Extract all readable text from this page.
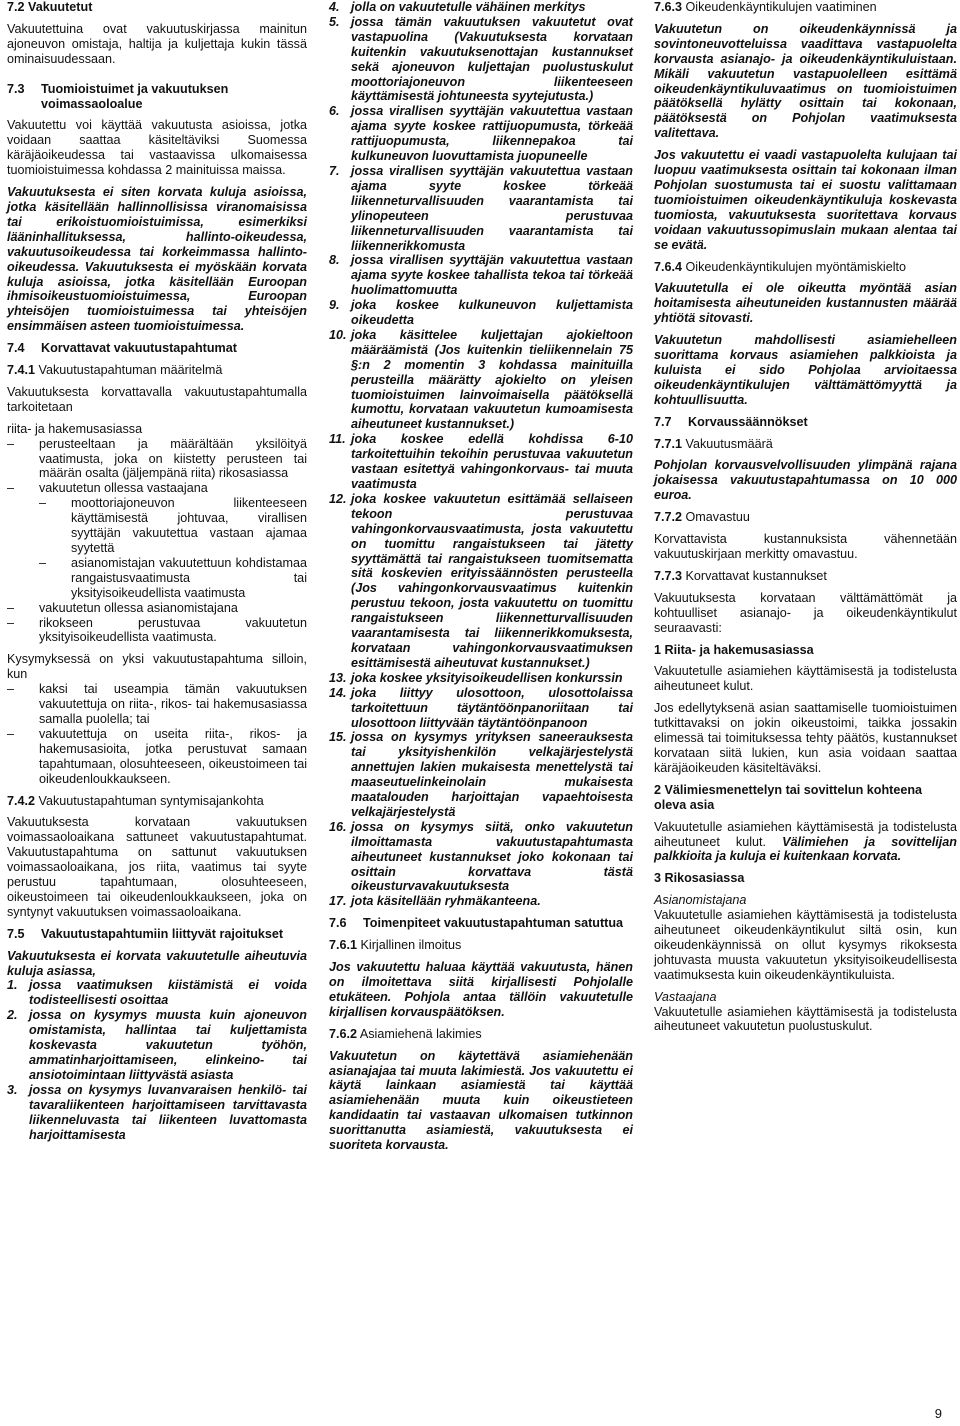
7.2 Vakuutetut

Vakuutettuina ovat vakuutuskirjassa mainitun ajoneuvon omistaja, haltija ja kuljettaja kukin tässä ominaisuudessaan.

7.3	Tuomioistuimet ja vakuutuksen voimassaoloalue

Vakuutettu voi käyttää vakuutusta asioissa, jotka voidaan saattaa käsiteltäviksi Suomessa käräjäoikeudessa tai vastaavissa ulkomaisessa tuomioistuimessa kohdassa 2 mainituissa maissa.

Vakuutuksesta ei siten korvata kuluja asioissa, jotka käsitellään hallinnollisissa viranomaisissa tai erikoistuomioistuimissa, esimerkiksi lääninhallituksessa, hallinto-oikeudessa, vakuutusoikeudessa tai korkeimmassa hallinto-oikeudessa. Vakuutuksesta ei myöskään korvata kuluja asioissa, jotka käsitellään Euroopan ihmisoikeustuomioistuimessa, Euroopan yhteisöjen tuomioistuimessa tai yhteisöjen ensimmäisen asteen tuomioistuimessa.

7.4	Korvattavat vakuutustapahtumat
7.4.1 Vakuutustapahtuman määritelmä

Vakuutuksesta korvattavalla vakuutustapahtumalla tarkoitetaan

riita- ja hakemusasiassa

–	perusteeltaan ja määrältään yksilöityä vaatimusta, joka on kiistetty perusteen tai määrän osalta (jäljempänä riita) rikosasiassa
–	vakuutetun ollessa vastaajana
–	moottoriajoneuvon liikenteeseen käyttämisestä johtuvaa, virallisen syyttäjän vakuutettua vastaan ajamaa syytettä
–	asianomistajan vakuutettuun kohdistamaa rangaistusvaatimusta tai yksityisoikeudellista vaatimusta
–	vakuutetun ollessa asianomistajana
–	rikokseen perustuvaa vakuutetun yksityisoikeudellista vaatimusta.

Kysymyksessä on yksi vakuutustapahtuma silloin, kun

–	kaksi tai useampia tämän vakuutuksen vakuutettuja on riita-, rikos- tai hakemusasiassa samalla puolella; tai
–	vakuutettuja on useita riita-, rikos- ja hakemusasioita, jotka perustuvat samaan tapahtumaan, olosuhteeseen, oikeustoimeen tai oikeudenloukkaukseen.
7.4.2 Vakuutustapahtuman syntymisajankohta

Vakuutuksesta korvataan vakuutuksen voimassaoloaikana sattuneet vakuutustapahtumat. Vakuutustapahtuma on sattunut vakuutuksen voimassaoloaikana, jos riita, vaatimus tai syyte perustuu tapahtumaan, olosuhteeseen, oikeustoimeen tai oikeudenloukkaukseen, joka on syntynyt vakuutuksen voimassaoloaikana.

7.5	Vakuutustapahtumiin liittyvät rajoitukset

Vakuutuksesta ei korvata vakuutetulle aiheutuvia kuluja asiassa,

1. jossa vaatimuksen kiistämistä ei voida todisteellisesti osoittaa
2. jossa on kysymys muusta kuin ajoneuvon omistamista, hallintaa tai kuljettamista koskevasta vakuutetun työhön, ammatinharjoittamiseen, elinkeino- tai ansiotoimintaan liittyvästä asiasta
3. jossa on kysymys luvanvaraisen henkilö- tai tavaraliikenteen harjoittamiseen tarvittavasta liikenneluvasta tai liikenteen luvattomasta harjoittamisesta
4. jolla on vakuutetulle vähäinen merkitys
5. jossa tämän vakuutuksen vakuutetut ovat vastapuolina (Vakuutuksesta korvataan kuitenkin vakuutuksenottajan kustannukset sekä ajoneuvon kuljettajan puolustuskulut moottoriajoneuvon liikenteeseen käyttämisestä johtuneesta syytejutusta.)
6. jossa virallisen syyttäjän vakuutettua vastaan ajama syyte koskee rattijuopumusta, törkeää rattijuopumusta, liikennepakoa tai kulkuneuvon luovuttamista juopuneelle
7. jossa virallisen syyttäjän vakuutettua vastaan ajama syyte koskee törkeää liikenneturvallisuuden vaarantamista tai ylinopeuteen perustuvaa liikenneturvallisuuden vaarantamista tai liikennerikkomusta
8. jossa virallisen syyttäjän vakuutettua vastaan ajama syyte koskee tahallista tekoa tai törkeää huolimattomuutta
9. joka koskee kulkuneuvon kuljettamista oikeudetta
10. joka käsittelee kuljettajan ajokieltoon määräämistä (Jos kuitenkin tieliikennelain 75 §:n 2 momentin 3 kohdassa mainituilla perusteilla määrätty ajokielto on yleisen tuomioistuimen lainvoimaisella päätöksellä kumottu, korvataan vakuutetun kumoamisesta aiheutuneet kustannukset.)
11. joka koskee edellä kohdissa 6-10 tarkoitettuihin tekoihin perustuvaa vakuutetun vastaan esitettyä vahingonkorvaus- tai muuta vaatimusta
12. joka koskee vakuutetun esittämää sellaiseen tekoon perustuvaa vahingonkorvausvaatimusta, josta vakuutettu on tuomittu rangaistukseen tai jätetty syyttämättä tai rangaistukseen tuomitsematta sitä koskevien erityissäännösten perusteella (Jos vahingonkorvausvaatimus kuitenkin perustuu tekoon, josta vakuutettu on tuomittu rangaistukseen liikennetturvallisuuden vaarantamisesta tai liikennerikkomuksesta, korvataan vahingonkorvausvaatimuksen esittämisestä aiheutuvat kustannukset.)
13. joka koskee yksityisoikeudellisen konkurssin
14. joka liittyy ulosottoon, ulosottolaissa tarkoitettuun täytäntöönpanoriitaan tai ulosottoon liittyvään täytäntöönpanoon
15. jossa on kysymys yrityksen saneerauksesta tai yksityishenkilön velkajärjestelystä annettujen lakien mukaisesta menettelystä tai maaseutuelinkeinolain mukaisesta maatalouden harjoittajan vapaehtoisesta velkajärjestelystä
16. jossa on kysymys siitä, onko vakuutetun ilmoittamasta vakuutustapahtumasta aiheutuneet kustannukset joko kokonaan tai osittain korvattava tästä oikeusturvavakuutuksesta
17. jota käsitellään ryhmäkanteena.
7.6	Toimenpiteet vakuutustapahtuman satuttua
7.6.1 Kirjallinen ilmoitus

Jos vakuutettu haluaa käyttää vakuutusta, hänen on ilmoitettava siitä kirjallisesti Pohjolalle etukäteen. Pohjola antaa tällöin vakuutetulle kirjallisen korvauspäätöksen.

7.6.2 Asiamiehenä lakimies

Vakuutetun on käytettävä asiamiehenään asianajajaa tai muuta lakimiestä. Jos vakuutettu ei käytä lainkaan asiamiestä tai käyttää asiamiehenään muuta kuin oikeustieteen kandidaatin tai vastaavan ulkomaisen tutkinnon suorittanutta asiamiestä, vakuutuksesta ei suoriteta korvausta.

7.6.3 Oikeudenkäyntikulujen vaatiminen

Vakuutetun on oikeudenkäynnissä ja sovintoneuvotteluissa vaadittava vastapuolelta korvausta asianajo- ja oikeudenkäyntikuluistaan. Mikäli vakuutetun vastapuolelleen esittämä oikeudenkäyntikuluvaatimus on tuomioistuimen päätöksellä hylätty osittain tai kokonaan, päätöksestä on Pohjolan vaatimuksesta valitettava.

Jos vakuutettu ei vaadi vastapuolelta kulujaan tai luopuu vaatimuksesta osittain tai kokonaan ilman Pohjolan suostumusta tai ei suostu valittamaan tuomioistuimen oikeudenkäyntikuluja koskevasta tuomiosta, vakuutuksesta suoritettava korvaus voidaan vakuutussopimuslain mukaan alentaa tai se evätä.

7.6.4 Oikeudenkäyntikulujen myöntämiskielto

Vakuutetulla ei ole oikeutta myöntää asian hoitamisesta aiheutuneiden kustannusten määrää yhtiötä sitovasti.

Vakuutetun mahdollisesti asiamiehelleen suorittama korvaus asiamiehen palkkioista ja kuluista ei sido Pohjolaa arvioitaessa oikeudenkäyntikulujen välttämättömyyttä ja kohtuullisuutta.

7.7	Korvaussäännökset
7.7.1 Vakuutusmäärä

Pohjolan korvausvelvollisuuden ylimpänä rajana jokaisessa vakuutustapahtumassa on 10 000 euroa.

7.7.2 Omavastuu

Korvattavista kustannuksista vähennetään vakuutuskirjaan merkitty omavastuu.

7.7.3 Korvattavat kustannukset

Vakuutuksesta korvataan välttämättömät ja kohtuulliset asianajo- ja oikeudenkäyntikulut seuraavasti:

1 Riita- ja hakemusasiassa

Vakuutetulle asiamiehen käyttämisestä ja todistelusta aiheutuneet kulut.

Jos edellytyksenä asian saattamiselle tuomioistuimen tutkittavaksi on jokin oikeustoimi, taikka jossakin elimessä tai toimituksessa tehty päätös, kustannukset korvataan siitä lukien, kun asia voidaan saattaa käräjäoikeuden käsiteltäväksi.

2 Välimiesmenettelyn tai sovittelun kohteena oleva asia

Vakuutetulle asiamiehen käyttämisestä ja todistelusta aiheutuneet kulut. Välimiehen ja sovittelijan palkkioita ja kuluja ei kuitenkaan korvata.

3 Rikosasiassa
Asianomistajana

Vakuutetulle asiamiehen käyttämisestä ja todistelusta aiheutuneet oikeudenkäyntikulut siltä osin, kun oikeudenkäynnissä on ollut kysymys rikoksesta johtuvasta muusta vakuutetun yksityisoikeudellisesta vaatimuksesta kuin oikeudenkäyntikuluista.

Vastaajana

Vakuutetulle asiamiehen käyttämisestä ja todistelusta aiheutuneet vakuutetun puolustuskulut.

9
